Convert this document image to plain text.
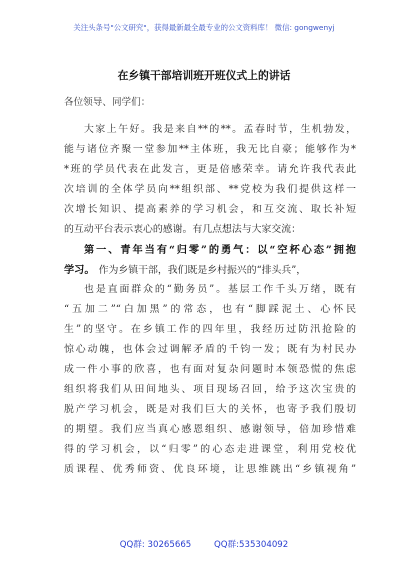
关注头条号"公文研究"，获得最新最全最专业的公文资料库！ 微信: gongwenyj
在乡镇干部培训班开班仪式上的讲话
各位领导、同学们：
大家上午好。我是来自**的**。孟春时节，生机勃发，
能与诸位齐聚一堂参加**主体班，我无比自豪；能够作为*
*班的学员代表在此发言，更是倍感荣幸。请允许我代表此
次培训的全体学员向**组织部、**党校为我们提供这样一
次增长知识、提高素养的学习机会，和互交流、取长补短
的互动平台表示衷心的感谢。有几点想法与大家交流：
第一、青年当有“归零”的勇气：以“空杯心态”拥抱
学习。 作为乡镇干部，我们既是乡村振兴的“排头兵”，
也是直面群众的“勤务员”。基层工作千头万绪，既有
“五加二”“白加黑”的常态，也有“脚踩泥土、心怀民
生”的坚守。在乡镇工作的四年里，我经历过防汛抢险的
惊心动魄，也体会过调解矛盾的千钧一发；既有为村民办
成一件小事的欣喜，也有面对复杂问题时本领恐慌的焦虑
组织将我们从田间地头、项目现场召回，给予这次宝贵的
脱产学习机会，既是对我们巨大的关怀，也寄予我们殷切
的期望。我们应当真心感恩组织、感谢领导，倍加珍惜难
得的学习机会，以“归零”的心态走进课堂，利用党校优
质课程、优秀师资、优良环境，让思维跳出“乡镇视角”
QQ群: 30265665	QQ群:535304092
